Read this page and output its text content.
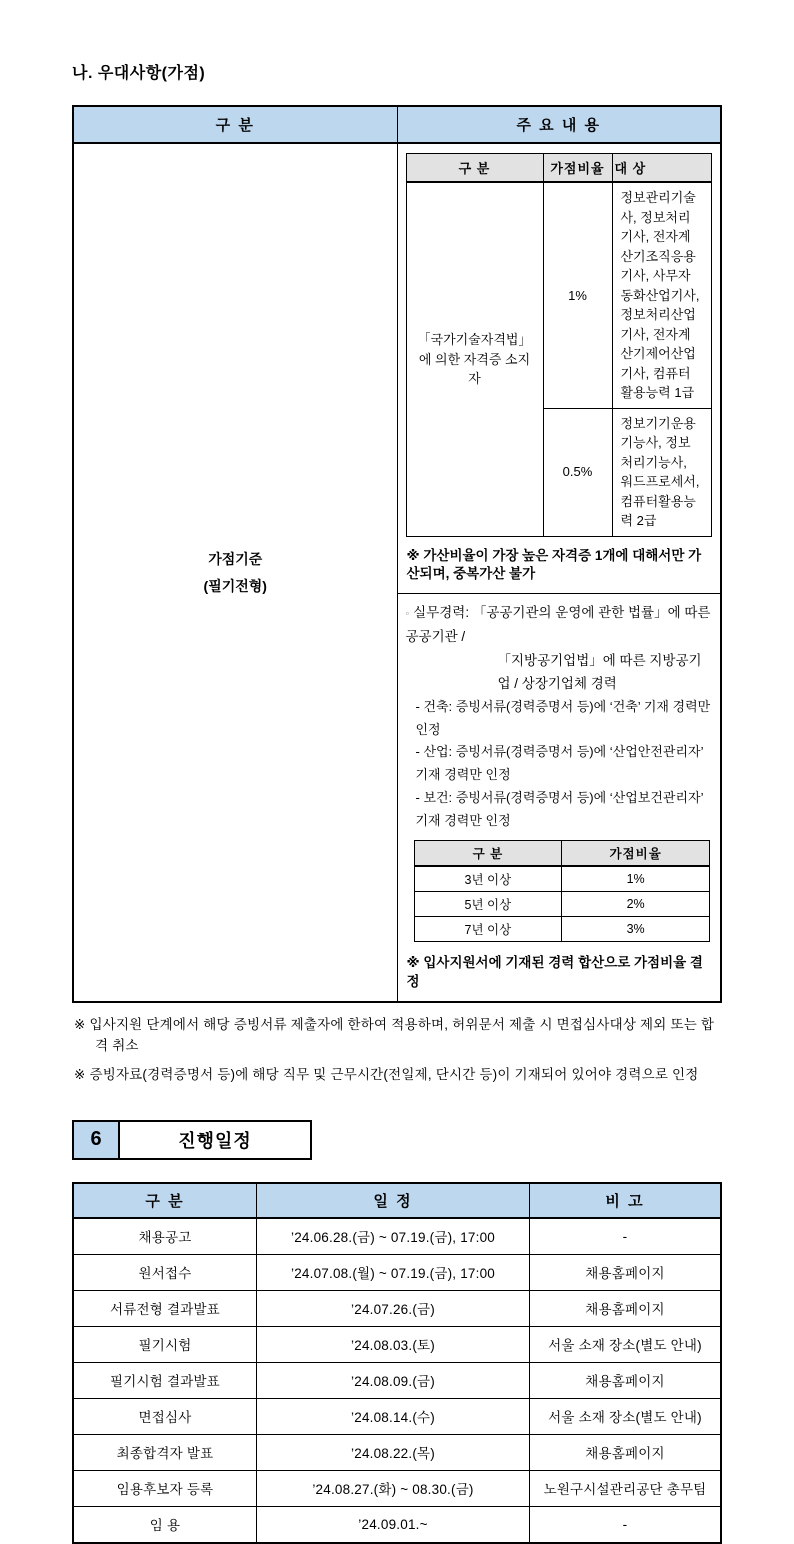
나. 우대사항(가점)
구 분	주 요 내 용

가점기준
(필기전형)

구 분	가점비율	대 상
「국가기술자격법」에 의한 자격증 소지자	1%	정보관리기술사, 정보처리기사, 전자계산기조직응용기사, 사무자동화산업기사, 정보처리산업기사, 전자계산기제어산업기사, 컴퓨터활용능력 1급
0.5%	정보기기운용기능사, 정보처리기능사, 워드프로세서, 컴퓨터활용능력 2급
※ 가산비율이 가장 높은 자격증 1개에 대해서만 가산되며, 중복가산 불가

◦ 실무경력: 「공공기관의 운영에 관한 법률」에 따른 공공기관 /
「지방공기업법」에 따른 지방공기업 / 상장기업체 경력
- 건축: 증빙서류(경력증명서 등)에 ‘건축’ 기재 경력만 인정
- 산업: 증빙서류(경력증명서 등)에 ‘산업안전관리자’ 기재 경력만 인정
- 보건: 증빙서류(경력증명서 등)에 ‘산업보건관리자’ 기재 경력만 인정
구 분	가점비율
3년 이상	1%
5년 이상	2%
7년 이상	3%
※ 입사지원서에 기재된 경력 합산으로 가점비율 결정
※ 입사지원 단계에서 해당 증빙서류 제출자에 한하여 적용하며, 허위문서 제출 시 면접심사대상 제외 또는 합격 취소
※ 증빙자료(경력증명서 등)에 해당 직무 및 근무시간(전일제, 단시간 등)이 기재되어 있어야 경력으로 인정
6	진행일정
구 분	일 정	비 고
채용공고	’24.06.28.(금) ~ 07.19.(금), 17:00	-
원서접수	’24.07.08.(월) ~ 07.19.(금), 17:00	채용홈페이지
서류전형 결과발표	’24.07.26.(금)	채용홈페이지
필기시험	’24.08.03.(토)	서울 소재 장소(별도 안내)
필기시험 결과발표	’24.08.09.(금)	채용홈페이지
면접심사	’24.08.14.(수)	서울 소재 장소(별도 안내)
최종합격자 발표	’24.08.22.(목)	채용홈페이지
임용후보자 등록	’24.08.27.(화) ~ 08.30.(금)	노원구시설관리공단 총무팀
임 용	’24.09.01.~	-
